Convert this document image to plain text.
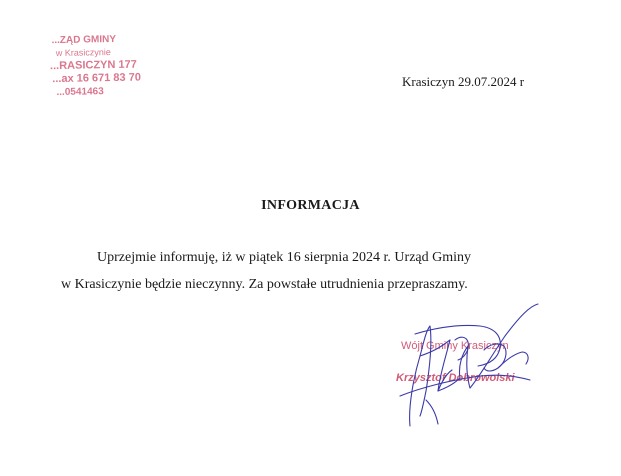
...ZĄD GMINY
w Krasiczynie
...RASICZYN 177
...ax 16 671 83 70
...0541463
Krasiczyn 29.07.2024 r
INFORMACJA
Uprzejmie informuję, iż w piątek 16 sierpnia 2024 r. Urząd Gminy
w Krasiczynie będzie nieczynny. Za powstałe utrudnienia przepraszamy.
Wójt Gminy Krasiczyn
Krzysztof Dobrowolski
